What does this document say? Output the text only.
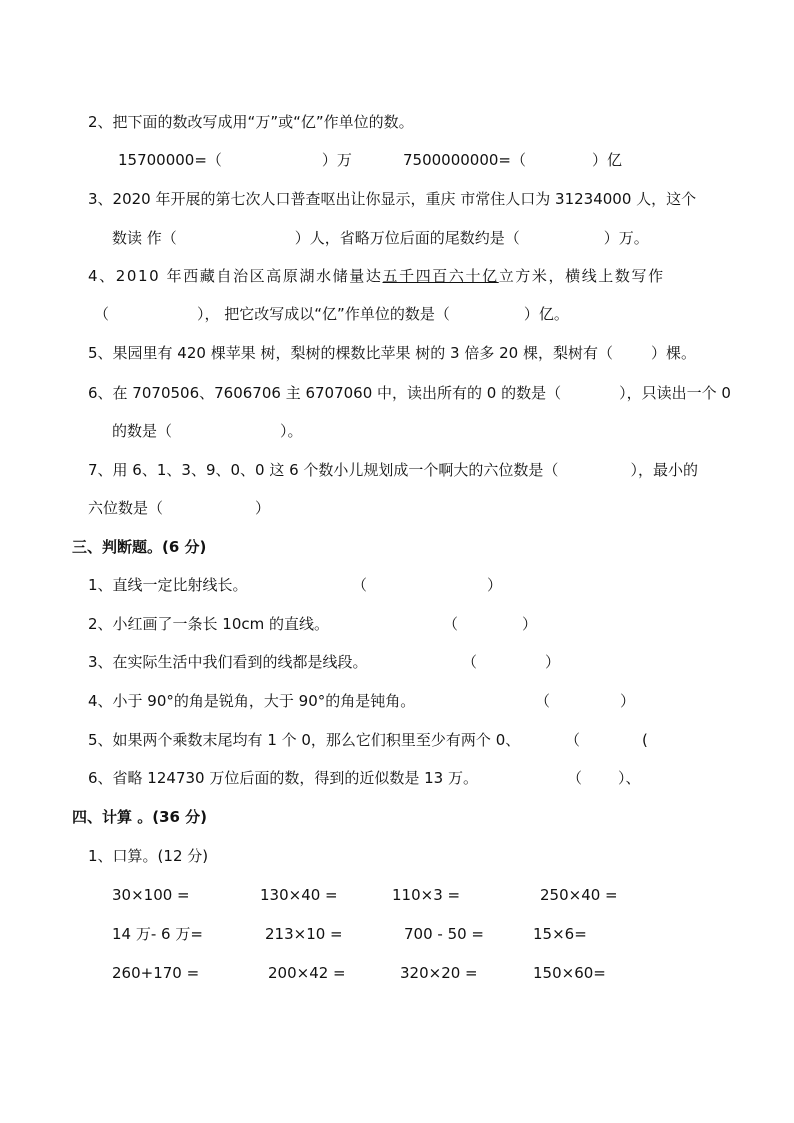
2、把下面的数改写成用“万”或“亿”作单位的数。
15700000=（	）万	7500000000=（	）亿
3、2020 年开展的第七次人口普查呕出让你显示，重庆 市常住人口为 31234000 人，这个
数读 作（	）人，省略万位后面的尾数约是（	）万。
4、2010 年西藏自治区高原湖水储量达五千四百六十亿立方米，横线上数写作
（	）， 把它改写成以“亿”作单位的数是（	）亿。
5、果园里有 420 棵苹果 树，梨树的棵数比苹果 树的 3 倍多 20 棵，梨树有（	）棵。
6、在 7070506、7606706 主 6707060 中，读出所有的 0 的数是（	），只读出一个 0
的数是（	）。
7、用 6、1、3、9、0、0 这 6 个数小儿规划成一个啊大的六位数是（	），最小的
六位数是（	）
三、判断题。(6 分)
1、直线一定比射线长。	（	）
2、小红画了一条长 10cm 的直线。	（	）
3、在实际生活中我们看到的线都是线段。	（	）
4、小于 90°的角是锐角，大于 90°的角是钝角。	（	）
5、如果两个乘数末尾均有 1 个 0，那么它们积里至少有两个 0、	（	(
6、省略 124730 万位后面的数，得到的近似数是 13 万。	（ ）、
四、计算 。(36 分)
1、口算。(12 分)
30×100 =	130×40 =	110×3 =	250×40 =
14 万- 6 万=	213×10 =	700 - 50 =	15×6=
260+170 =	200×42 =	320×20 =	150×60=
